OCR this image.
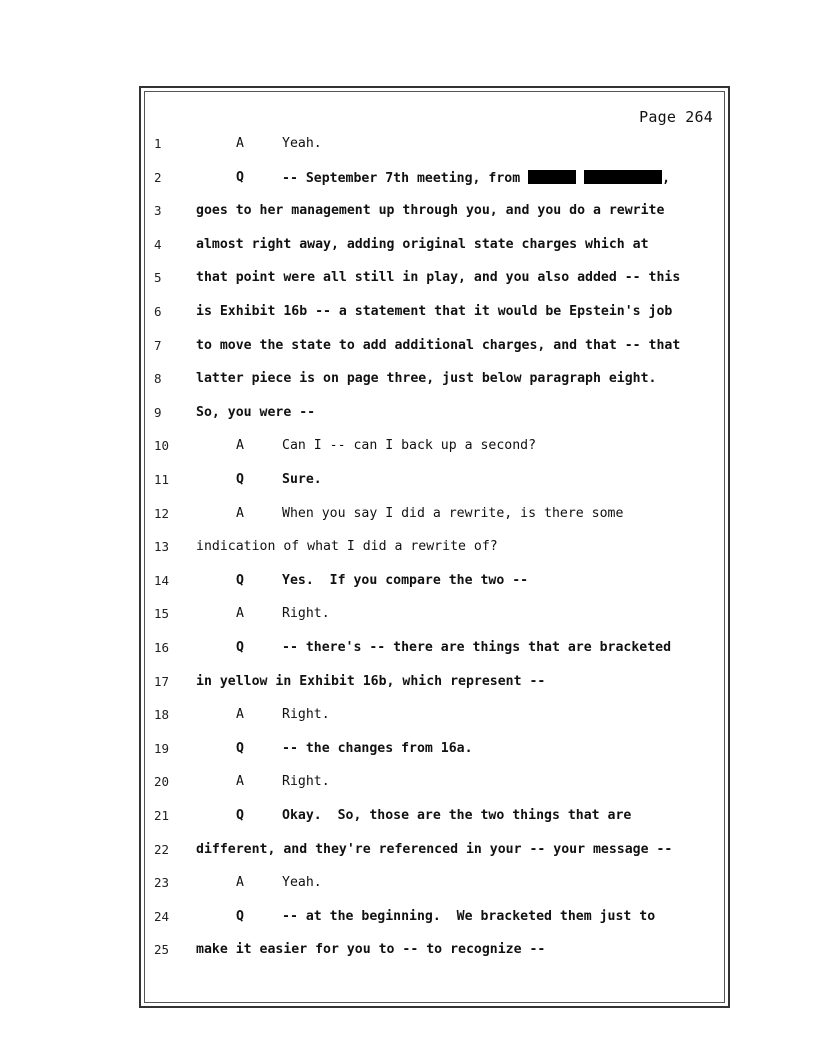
Page 264
1	A	Yeah.
2	Q	-- September 7th meeting, from	,
3	goes to her management up through you, and you do a rewrite
4	almost right away, adding original state charges which at
5	that point were all still in play, and you also added -- this
6	is Exhibit 16b -- a statement that it would be Epstein's job
7	to move the state to add additional charges, and that -- that
8	latter piece is on page three, just below paragraph eight.
9	So, you were --
10	A	Can I -- can I back up a second?
11	Q	Sure.
12	A	When you say I did a rewrite, is there some
13	indication of what I did a rewrite of?
14	Q	Yes.  If you compare the two --
15	A	Right.
16	Q	-- there's -- there are things that are bracketed
17	in yellow in Exhibit 16b, which represent --
18	A	Right.
19	Q	-- the changes from 16a.
20	A	Right.
21	Q	Okay.  So, those are the two things that are
22	different, and they're referenced in your -- your message --
23	A	Yeah.
24	Q	-- at the beginning.  We bracketed them just to
25	make it easier for you to -- to recognize --
